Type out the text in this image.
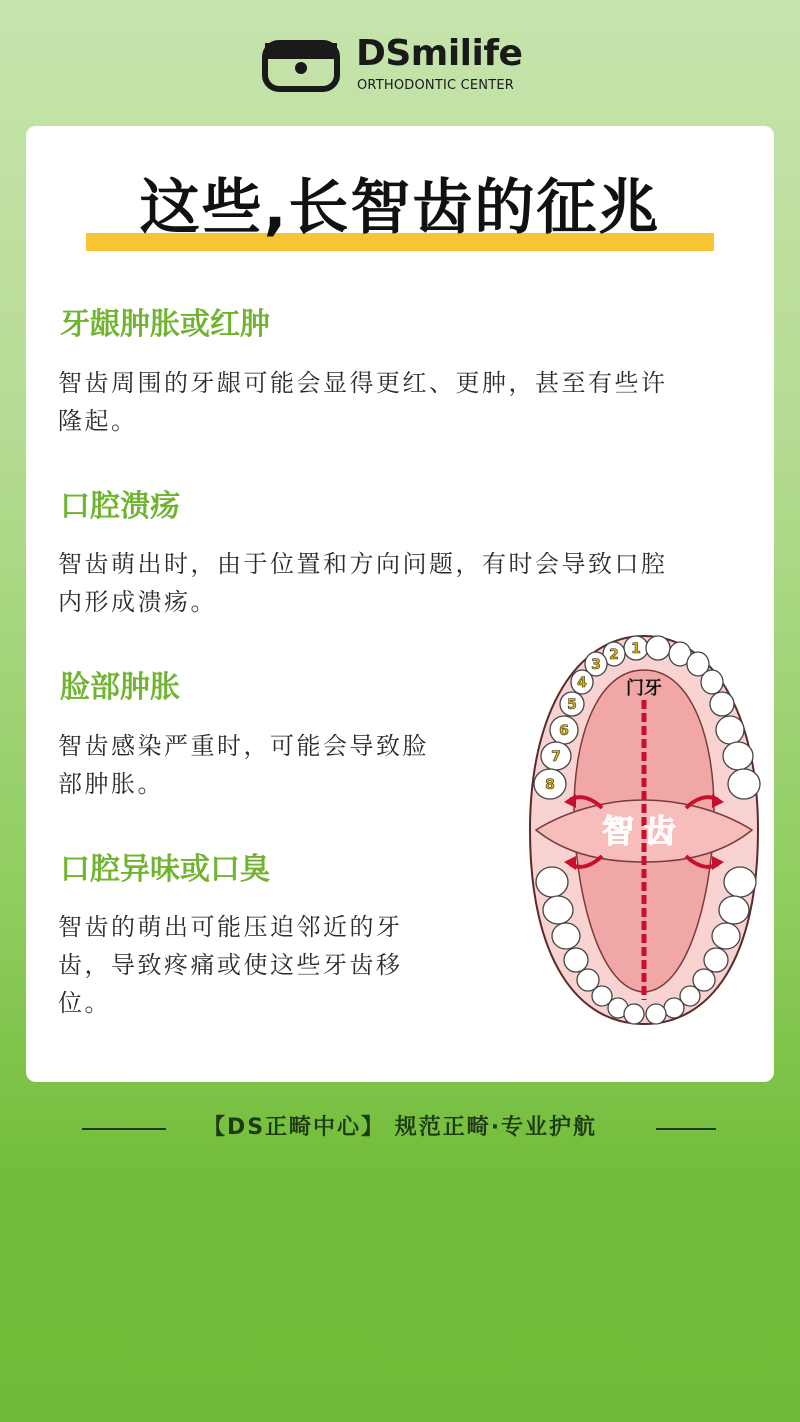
DSmilife
ORTHODONTIC CENTER
这些,长智齿的征兆
牙龈肿胀或红肿
智齿周围的牙龈可能会显得更红、更肿，甚至有些许
隆起。
口腔溃疡
智齿萌出时，由于位置和方向问题，有时会导致口腔
内形成溃疡。
脸部肿胀
智齿感染严重时，可能会导致脸
部肿胀。
口腔异味或口臭
智齿的萌出可能压迫邻近的牙
齿，导致疼痛或使这些牙齿移
位。
1
2
3
4
5
6
7
8
门牙
智齿
【DS正畸中心】 规范正畸·专业护航
